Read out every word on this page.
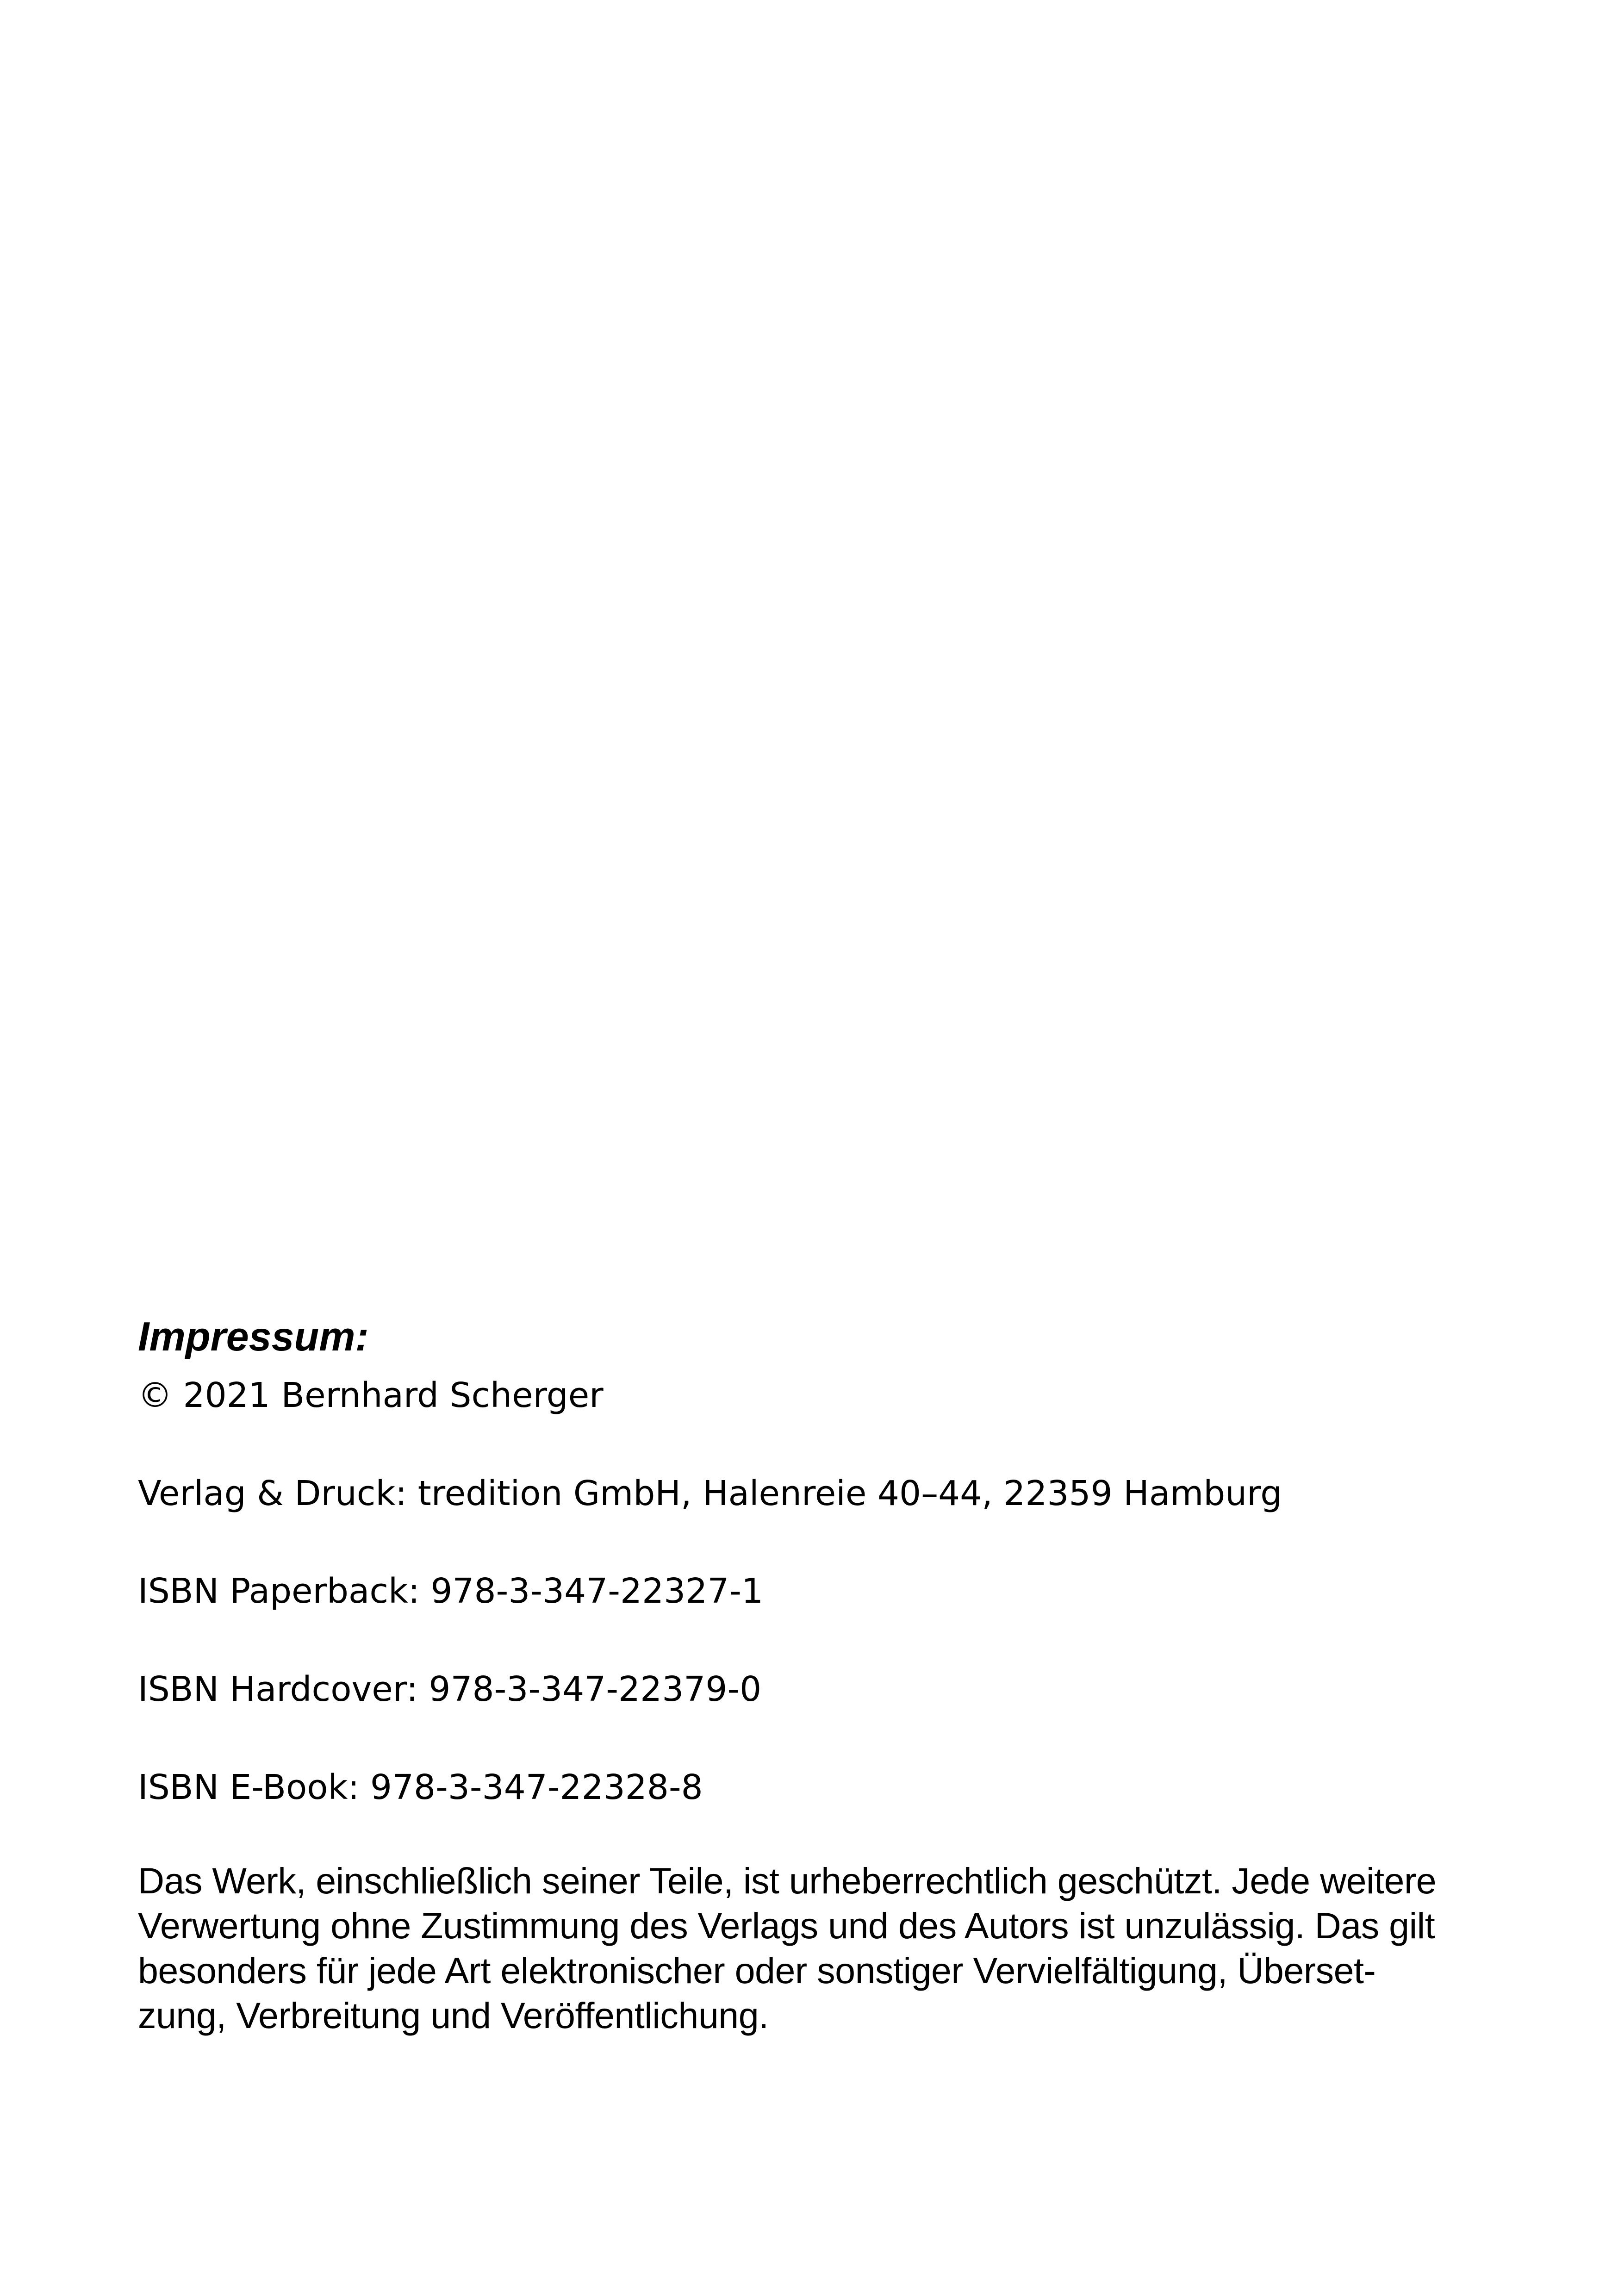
Impressum:

© 2021 Bernhard Scherger

Verlag & Druck: tredition GmbH, Halenreie 40–44, 22359 Hamburg

ISBN Paperback: 978-3-347-22327-1

ISBN Hardcover: 978-3-347-22379-0

ISBN E-Book: 978-3-347-22328-8

Das Werk, einschließlich seiner Teile, ist urheberrechtlich geschützt. Jede weitere
Verwertung ohne Zustimmung des Verlags und des Autors ist unzulässig. Das gilt
besonders für jede Art elektronischer oder sonstiger Vervielfältigung, Überset-
zung, Verbreitung und Veröffentlichung.
